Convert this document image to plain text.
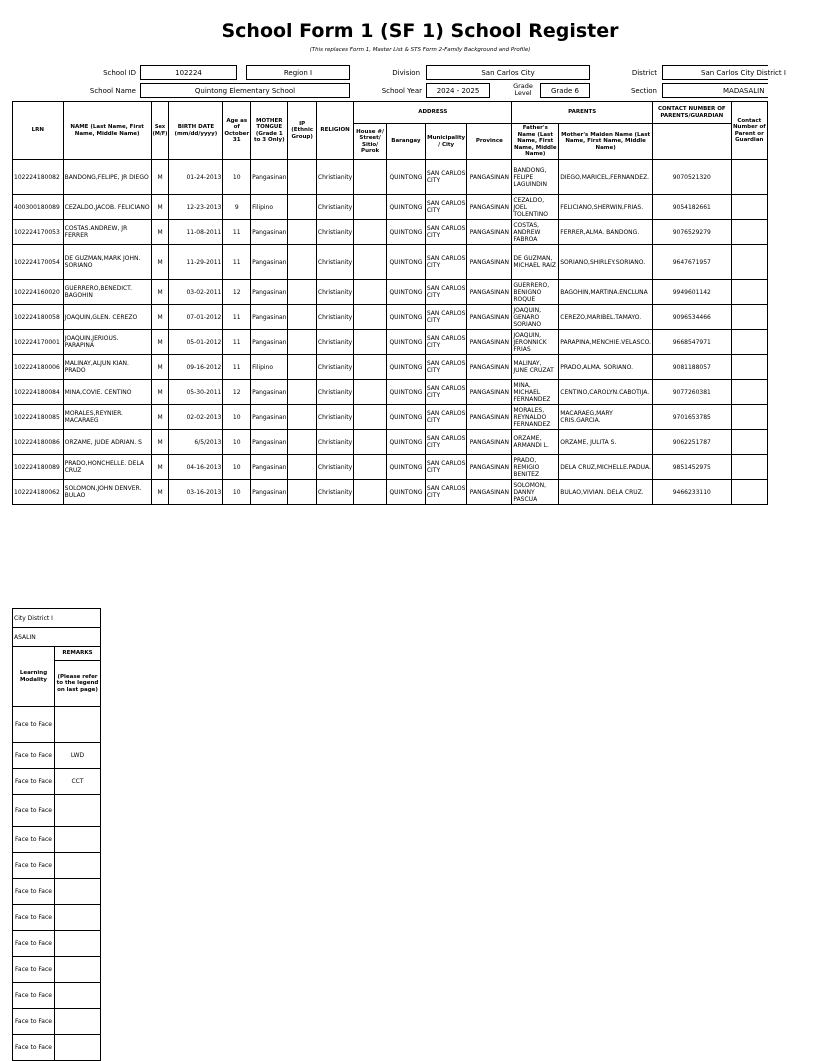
School Form 1 (SF 1) School Register
(This replaces Form 1, Master List & STS Form 2-Family Background and Profile)
School ID	102224	Region I	Division	San Carlos City	District	San Carlos City District I
School Name	Quintong Elementary School	School Year	2024 - 2025
Grade Level	Grade 6	Section	MADASALIN
LRN	NAME (Last Name, First Name, Middle Name)	Sex (M/F)	BIRTH DATE (mm/dd/yyyy)	Age as of October 31	MOTHER TONGUE (Grade 1 to 3 Only)	IP (Ethnic Group)	RELIGION	ADDRESS				PARENTS		CONTACT NUMBER OF PARENTS/GUARDIAN	Contact Number of Parent or Guardian
								House #/ Street/ Sitio/ Purok	Barangay	Municipality / City	Province	Father's Name (Last Name, First Name, Middle Name)	Mother's Maiden Name (Last Name, First Name, Middle Name)		
102224180082	BANDONG,FELIPE, JR DIEGO	M	01-24-2013	10	Pangasinan		Christianity		QUINTONG	SAN CARLOS CITY	PANGASINAN	BANDONG, FELIPE LAGUINDIN	DIEGO,MARICEL,FERNANDEZ.	9070521320	
400300180089	CEZALDO,JACOB. FELICIANO	M	12-23-2013	9	Filipino		Christianity		QUINTONG	SAN CARLOS CITY	PANGASINAN	CEZALDO, JOEL TOLENTINO	FELICIANO,SHERWIN,FRIAS.	9054182661	
102224170053	COSTAS.ANDREW, JR FERRER	M	11-08-2011	11	Pangasinan		Christianity		QUINTONG	SAN CARLOS CITY	PANGASINAN	COSTAS, ANDREW FABROA	FERRER,ALMA. BANDONG.	9076529279	
102224170054	DE GUZMAN,MARK JOHN. SORIANO	M	11-29-2011	11	Pangasinan		Christianity		QUINTONG	SAN CARLOS CITY	PANGASINAN	DE GUZMAN, MICHAEL RAIZ	SORIANO,SHIRLEY.SORIANO.	9647671957	
102224160020	GUERRERO,BENEDICT. BAGOHIN	M	03-02-2011	12	Pangasinan		Christianity		QUINTONG	SAN CARLOS CITY	PANGASINAN	GUERRERO, BENIGNO ROQUE	BAGOHIN,MARTINA.ENCLUNA	9949601142	
102224180058	JOAQUIN,GLEN. CEREZO	M	07-01-2012	11	Pangasinan		Christianity		QUINTONG	SAN CARLOS CITY	PANGASINAN	JOAQUIN, GENARO SORIANO	CEREZO,MARIBEL.TAMAYO.	9096534466	
102224170001	JOAQUIN,JERIOUS. PARAPINA	M	05-01-2012	11	Pangasinan		Christianity		QUINTONG	SAN CARLOS CITY	PANGASINAN	JOAQUIN, JERONNICK FRIAS	PARAPINA,MENCHIE.VELASCO.	9668547971	
102224180006	MALINAY,ALJUN KIAN. PRADO	M	09-16-2012	11	Filipino		Christianity		QUINTONG	SAN CARLOS CITY	PANGASINAN	MALINAY, JUNE CRUZAT	PRADO,ALMA. SORIANO.	9081188057	
102224180084	MINA,COVIE. CENTINO	M	05-30-2011	12	Pangasinan		Christianity		QUINTONG	SAN CARLOS CITY	PANGASINAN	MINA, MICHAEL FERNANDEZ	CENTINO,CAROLYN.CABOTIJA.	9077260381	
102224180085	MORALES,REYNIER. MACARAEG	M	02-02-2013	10	Pangasinan		Christianity		QUINTONG	SAN CARLOS CITY	PANGASINAN	MORALES, REYNALDO FERNANDEZ	MACARAEG,MARY CRIS.GARCIA.	9701653785	
102224180086	ORZAME, JUDE ADRIAN. S	M	6/5/2013	10	Pangasinan		Christianity		QUINTONG	SAN CARLOS CITY	PANGASINAN	ORZAME, ARMANDI L.	ORZAME, JULITA S.	9062251787	
102224180089	PRADO,HONCHELLE. DELA CRUZ	M	04-16-2013	10	Pangasinan		Christianity		QUINTONG	SAN CARLOS CITY	PANGASINAN	PRADO, REMIGIO BENITEZ	DELA CRUZ,MICHELLE.PADUA.	9851452975	
102224180062	SOLOMON,JOHN DENVER. BULAO	M	03-16-2013	10	Pangasinan		Christianity		QUINTONG	SAN CARLOS CITY	PANGASINAN	SOLOMON, DANNY PASCUA	BULAO,VIVIAN. DELA CRUZ.	9466233110	
City District I	
ASALIN	
Learning Modality	REMARKS
	(Please refer to the legend on last page)
Face to Face	
Face to Face	LWD
Face to Face	CCT
Face to Face	
Face to Face	
Face to Face	
Face to Face	
Face to Face	
Face to Face	
Face to Face	
Face to Face	
Face to Face	
Face to Face	
